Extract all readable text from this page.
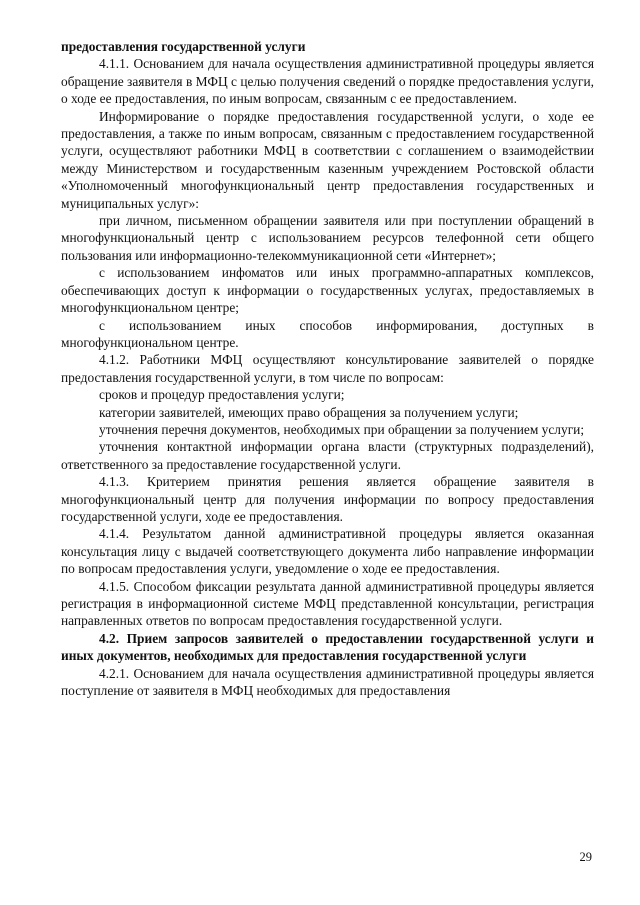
предоставления государственной услуги

4.1.1. Основанием для начала осуществления административной процедуры является обращение заявителя в МФЦ с целью получения сведений о порядке предоставления услуги, о ходе ее предоставления, по иным вопросам, связанным с ее предоставлением.

Информирование о порядке предоставления государственной услуги, о ходе ее предоставления, а также по иным вопросам, связанным с предоставлением государственной услуги, осуществляют работники МФЦ в соответствии с соглашением о взаимодействии между Министерством и государственным казенным учреждением Ростовской области «Уполномоченный многофункциональный центр предоставления государственных и муниципальных услуг»:

при личном, письменном обращении заявителя или при поступлении обращений в многофункциональный центр с использованием ресурсов телефонной сети общего пользования или информационно-телекоммуникационной сети «Интернет»;

с использованием инфоматов или иных программно-аппаратных комплексов, обеспечивающих доступ к информации о государственных услугах, предоставляемых в многофункциональном центре;

с использованием иных способов информирования, доступных в многофункциональном центре.

4.1.2. Работники МФЦ осуществляют консультирование заявителей о порядке предоставления государственной услуги, в том числе по вопросам:

сроков и процедур предоставления услуги;

категории заявителей, имеющих право обращения за получением услуги;

уточнения перечня документов, необходимых при обращении за получением услуги;

уточнения контактной информации органа власти (структурных подразделений), ответственного за предоставление государственной услуги.

4.1.3. Критерием принятия решения является обращение заявителя в многофункциональный центр для получения информации по вопросу предоставления государственной услуги, ходе ее предоставления.

4.1.4. Результатом данной административной процедуры является оказанная консультация лицу с выдачей соответствующего документа либо направление информации по вопросам предоставления услуги, уведомление о ходе ее предоставления.

4.1.5. Способом фиксации результата данной административной процедуры является регистрация в информационной системе МФЦ представленной консультации, регистрация направленных ответов по вопросам предоставления государственной услуги.

4.2. Прием запросов заявителей о предоставлении государственной услуги и иных документов, необходимых для предоставления государственной услуги

4.2.1. Основанием для начала осуществления административной процедуры является поступление от заявителя в МФЦ необходимых для предоставления

29
